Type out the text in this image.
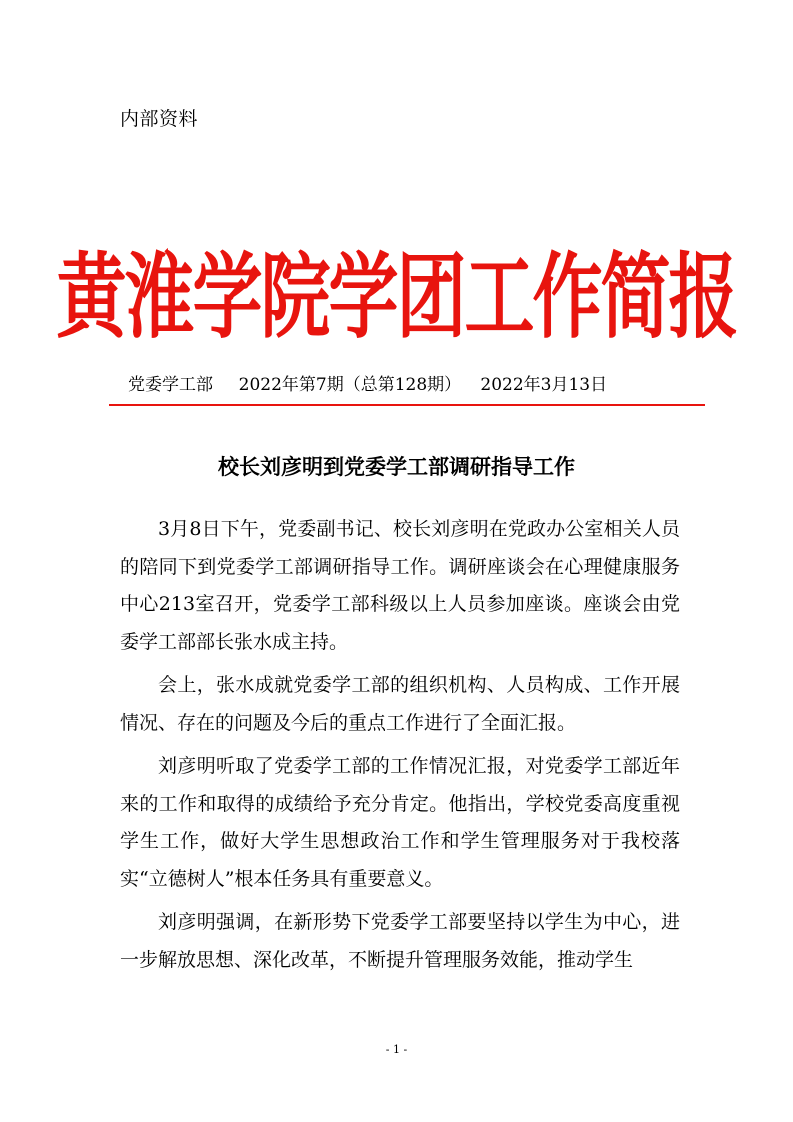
内部资料
黄淮学院学团工作简报
党委学工部 2022年第7期（总第128期） 2022年3月13日
校长刘彦明到党委学工部调研指导工作

3月8日下午，党委副书记、校长刘彦明在党政办公室相关人员的陪同下到党委学工部调研指导工作。调研座谈会在心理健康服务中心213室召开，党委学工部科级以上人员参加座谈。座谈会由党委学工部部长张水成主持。

会上，张水成就党委学工部的组织机构、人员构成、工作开展情况、存在的问题及今后的重点工作进行了全面汇报。

刘彦明听取了党委学工部的工作情况汇报，对党委学工部近年来的工作和取得的成绩给予充分肯定。他指出，学校党委高度重视学生工作，做好大学生思想政治工作和学生管理服务对于我校落实“立德树人”根本任务具有重要意义。

刘彦明强调，在新形势下党委学工部要坚持以学生为中心，进一步解放思想、深化改革，不断提升管理服务效能，推动学生

- 1 -
